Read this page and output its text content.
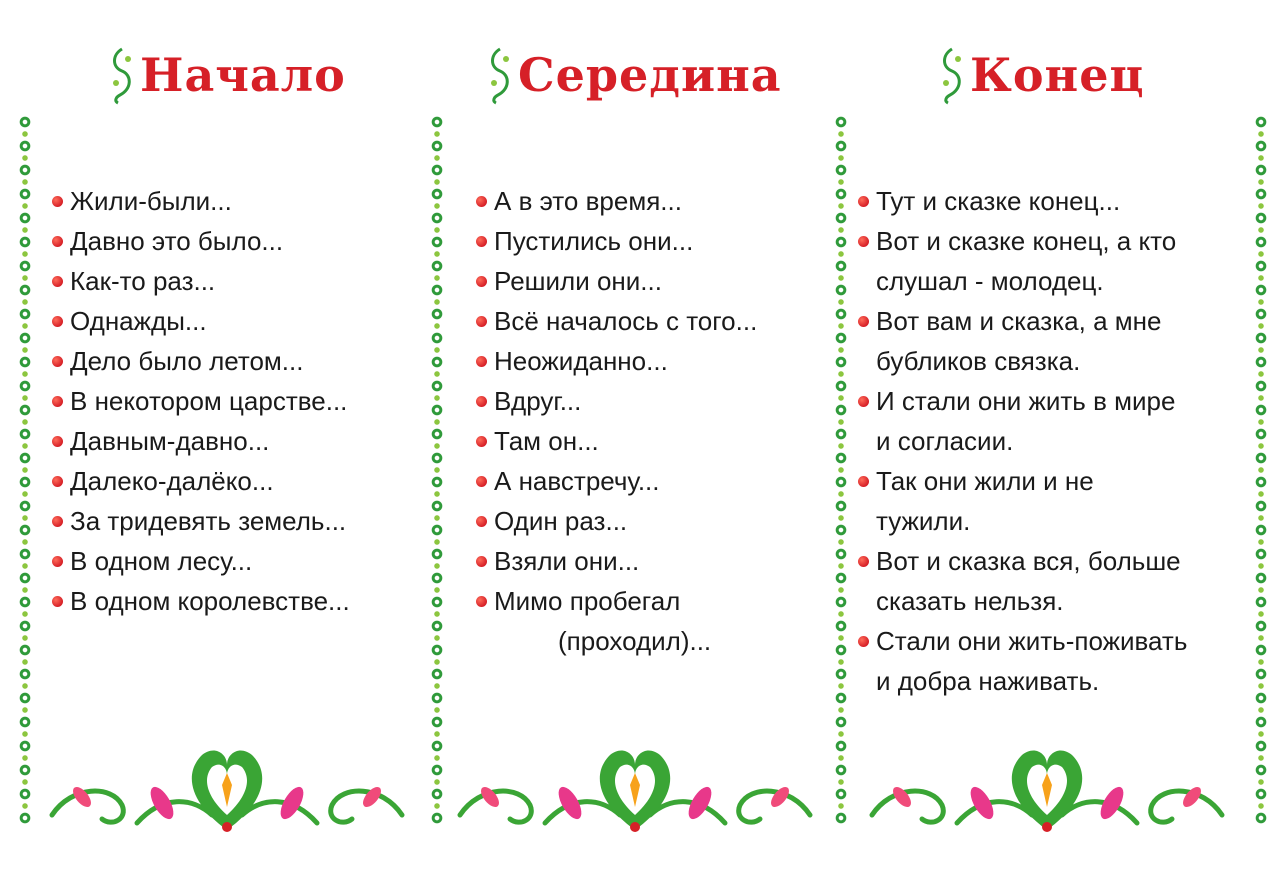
Начало
Жили-были...
Давно это было...
Как-то раз...
Однажды...
Дело было летом...
В некотором царстве...
Давным-давно...
Далеко-далёко...
За тридевять земель...
В одном лесу...
В одном королевстве...
Середина
А в это время...
Пустились они...
Решили они...
Всё началось с того...
Неожиданно...
Вдруг...
Там он...
А навстречу...
Один раз...
Взяли они...
Мимо пробегал
(проходил)...
Конец
Тут и сказке конец...
Вот и сказке конец, а кто
слушал - молодец.
Вот вам и сказка, а мне
бубликов связка.
И стали они жить в мире
и согласии.
Так они жили и не
тужили.
Вот и сказка вся, больше
сказать нельзя.
Стали они жить-поживать
и добра наживать.
